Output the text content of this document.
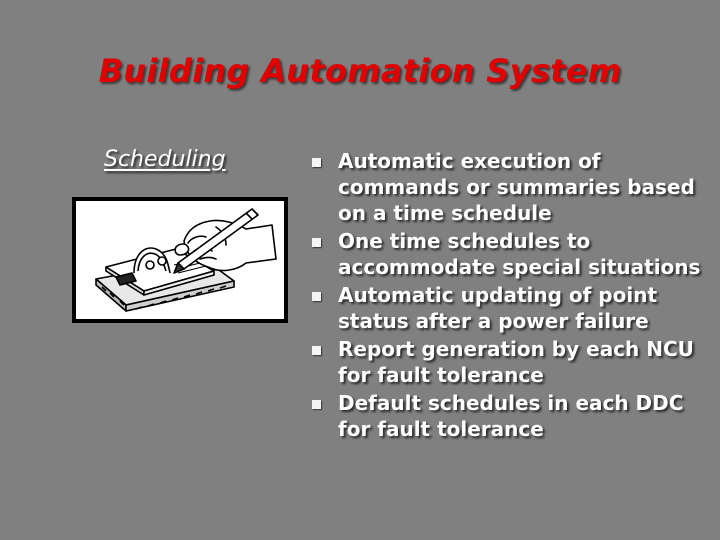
Building Automation System
Scheduling	Automatic execution of commands or summaries based on a time schedule
One time schedules to accommodate special situations
Automatic updating of point status after a power failure
Report generation by each NCU for fault tolerance
Default schedules in each DDC for fault tolerance
